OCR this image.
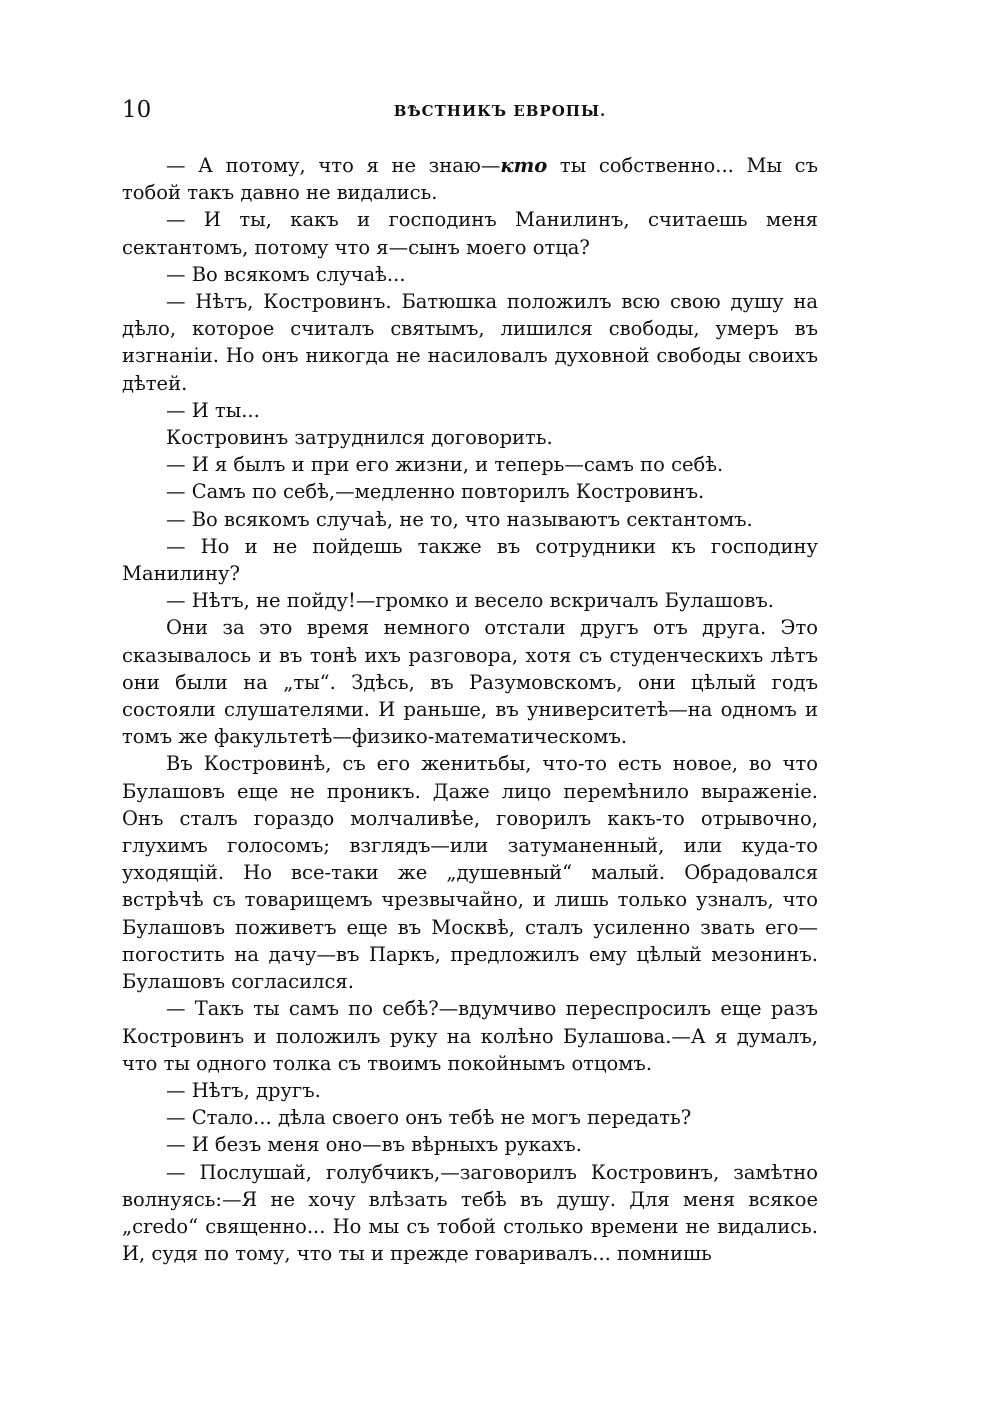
10	ВѢСТНИКЪ ЕВРОПЫ.

— А потому, что я не знаю—кто ты собственно... Мы съ тобой такъ давно не видались.

— И ты, какъ и господинъ Манилинъ, считаешь меня сектантомъ, потому что я—сынъ моего отца?

— Во всякомъ случаѣ...

— Нѣтъ, Костровинъ. Батюшка положилъ всю свою душу на дѣло, которое считалъ святымъ, лишился свободы, умеръ въ изгнаніи. Но онъ никогда не насиловалъ духовной свободы своихъ дѣтей.

— И ты...

Костровинъ затруднился договорить.

— И я былъ и при его жизни, и теперь—самъ по себѣ.

— Самъ по себѣ,—медленно повторилъ Костровинъ.

— Во всякомъ случаѣ, не то, что называютъ сектантомъ.

— Но и не пойдешь также въ сотрудники къ господину Манилину?

— Нѣтъ, не пойду!—громко и весело вскричалъ Булашовъ.

Они за это время немного отстали другъ отъ друга. Это сказывалось и въ тонѣ ихъ разговора, хотя съ студенческихъ лѣтъ они были на „ты“. Здѣсь, въ Разумовскомъ, они цѣлый годъ состояли слушателями. И раньше, въ университетѣ—на одномъ и томъ же факультетѣ—физико-математическомъ.

Въ Костровинѣ, съ его женитьбы, что-то есть новое, во что Булашовъ еще не проникъ. Даже лицо перемѣнило выраженіе. Онъ сталъ гораздо молчаливѣе, говорилъ какъ-то отрывочно, глухимъ голосомъ; взглядъ—или затуманенный, или куда-то уходящій. Но все-таки же „душевный“ малый. Обрадовался встрѣчѣ съ товарищемъ чрезвычайно, и лишь только узналъ, что Булашовъ поживетъ еще въ Москвѣ, сталъ усиленно звать его—погостить на дачу—въ Паркъ, предложилъ ему цѣлый мезонинъ. Булашовъ согласился.

— Такъ ты самъ по себѣ?—вдумчиво переспросилъ еще разъ Костровинъ и положилъ руку на колѣно Булашова.—А я думалъ, что ты одного толка съ твоимъ покойнымъ отцомъ.

— Нѣтъ, другъ.

— Стало... дѣла своего онъ тебѣ не могъ передать?

— И безъ меня оно—въ вѣрныхъ рукахъ.

— Послушай, голубчикъ,—заговорилъ Костровинъ, замѣтно волнуясь:—Я не хочу влѣзать тебѣ въ душу. Для меня всякое „credo“ священно... Но мы съ тобой столько времени не видались. И, судя по тому, что ты и прежде говаривалъ... помнишь
